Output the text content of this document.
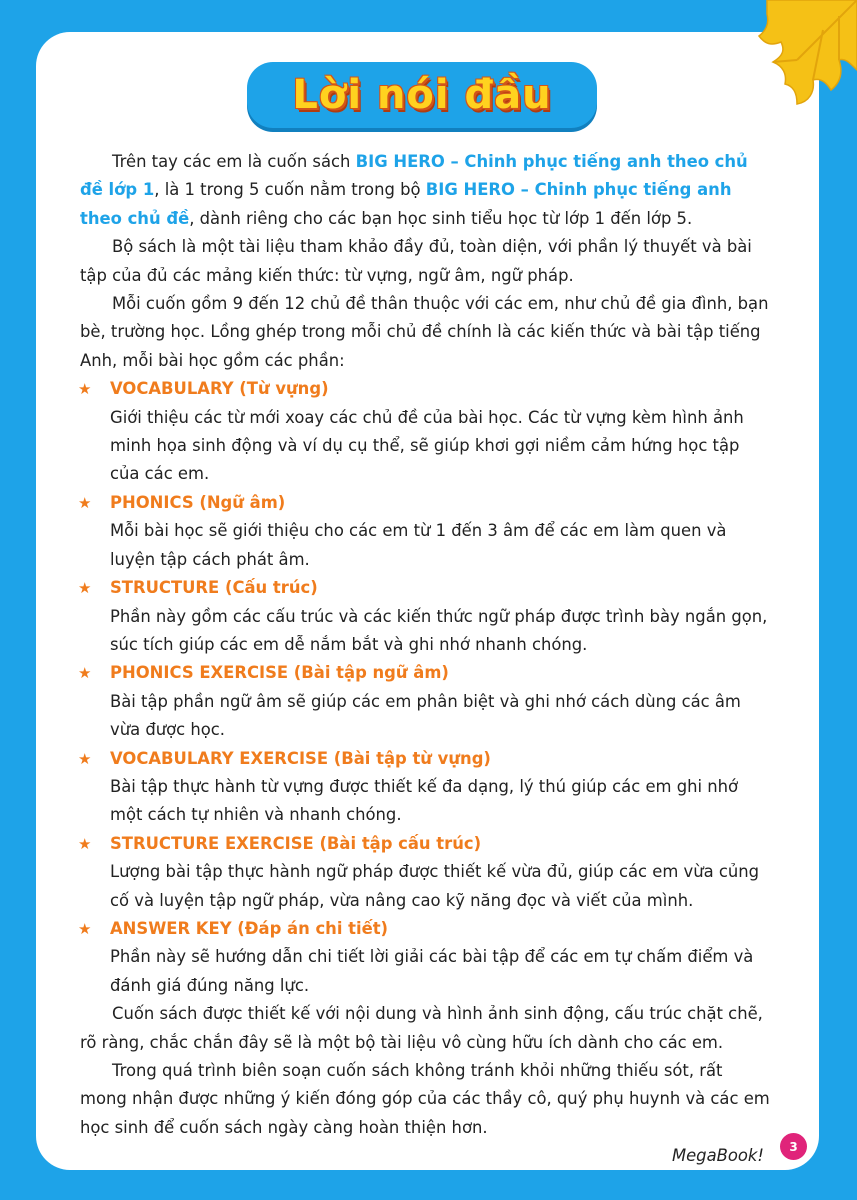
Lời nói đầu

Trên tay các em là cuốn sách BIG HERO – Chinh phục tiếng anh theo chủ đề lớp 1, là 1 trong 5 cuốn nằm trong bộ BIG HERO – Chinh phục tiếng anh theo chủ đề, dành riêng cho các bạn học sinh tiểu học từ lớp 1 đến lớp 5.

Bộ sách là một tài liệu tham khảo đầy đủ, toàn diện, với phần lý thuyết và bài tập của đủ các mảng kiến thức: từ vựng, ngữ âm, ngữ pháp.

Mỗi cuốn gồm 9 đến 12 chủ đề thân thuộc với các em, như chủ đề gia đình, bạn bè, trường học. Lồng ghép trong mỗi chủ đề chính là các kiến thức và bài tập tiếng Anh, mỗi bài học gồm các phần:

★ VOCABULARY (Từ vựng)

Giới thiệu các từ mới xoay các chủ đề của bài học. Các từ vựng kèm hình ảnh minh họa sinh động và ví dụ cụ thể, sẽ giúp khơi gợi niềm cảm hứng học tập của các em.

★ PHONICS (Ngữ âm)

Mỗi bài học sẽ giới thiệu cho các em từ 1 đến 3 âm để các em làm quen và luyện tập cách phát âm.

★ STRUCTURE (Cấu trúc)

Phần này gồm các cấu trúc và các kiến thức ngữ pháp được trình bày ngắn gọn, súc tích giúp các em dễ nắm bắt và ghi nhớ nhanh chóng.

★ PHONICS EXERCISE (Bài tập ngữ âm)

Bài tập phần ngữ âm sẽ giúp các em phân biệt và ghi nhớ cách dùng các âm vừa được học.

★ VOCABULARY EXERCISE (Bài tập từ vựng)

Bài tập thực hành từ vựng được thiết kế đa dạng, lý thú giúp các em ghi nhớ một cách tự nhiên và nhanh chóng.

★ STRUCTURE EXERCISE (Bài tập cấu trúc)

Lượng bài tập thực hành ngữ pháp được thiết kế vừa đủ, giúp các em vừa củng cố và luyện tập ngữ pháp, vừa nâng cao kỹ năng đọc và viết của mình.

★ ANSWER KEY (Đáp án chi tiết)

Phần này sẽ hướng dẫn chi tiết lời giải các bài tập để các em tự chấm điểm và đánh giá đúng năng lực.

Cuốn sách được thiết kế với nội dung và hình ảnh sinh động, cấu trúc chặt chẽ, rõ ràng, chắc chắn đây sẽ là một bộ tài liệu vô cùng hữu ích dành cho các em.

Trong quá trình biên soạn cuốn sách không tránh khỏi những thiếu sót, rất mong nhận được những ý kiến đóng góp của các thầy cô, quý phụ huynh và các em học sinh để cuốn sách ngày càng hoàn thiện hơn.

MegaBook!	3
